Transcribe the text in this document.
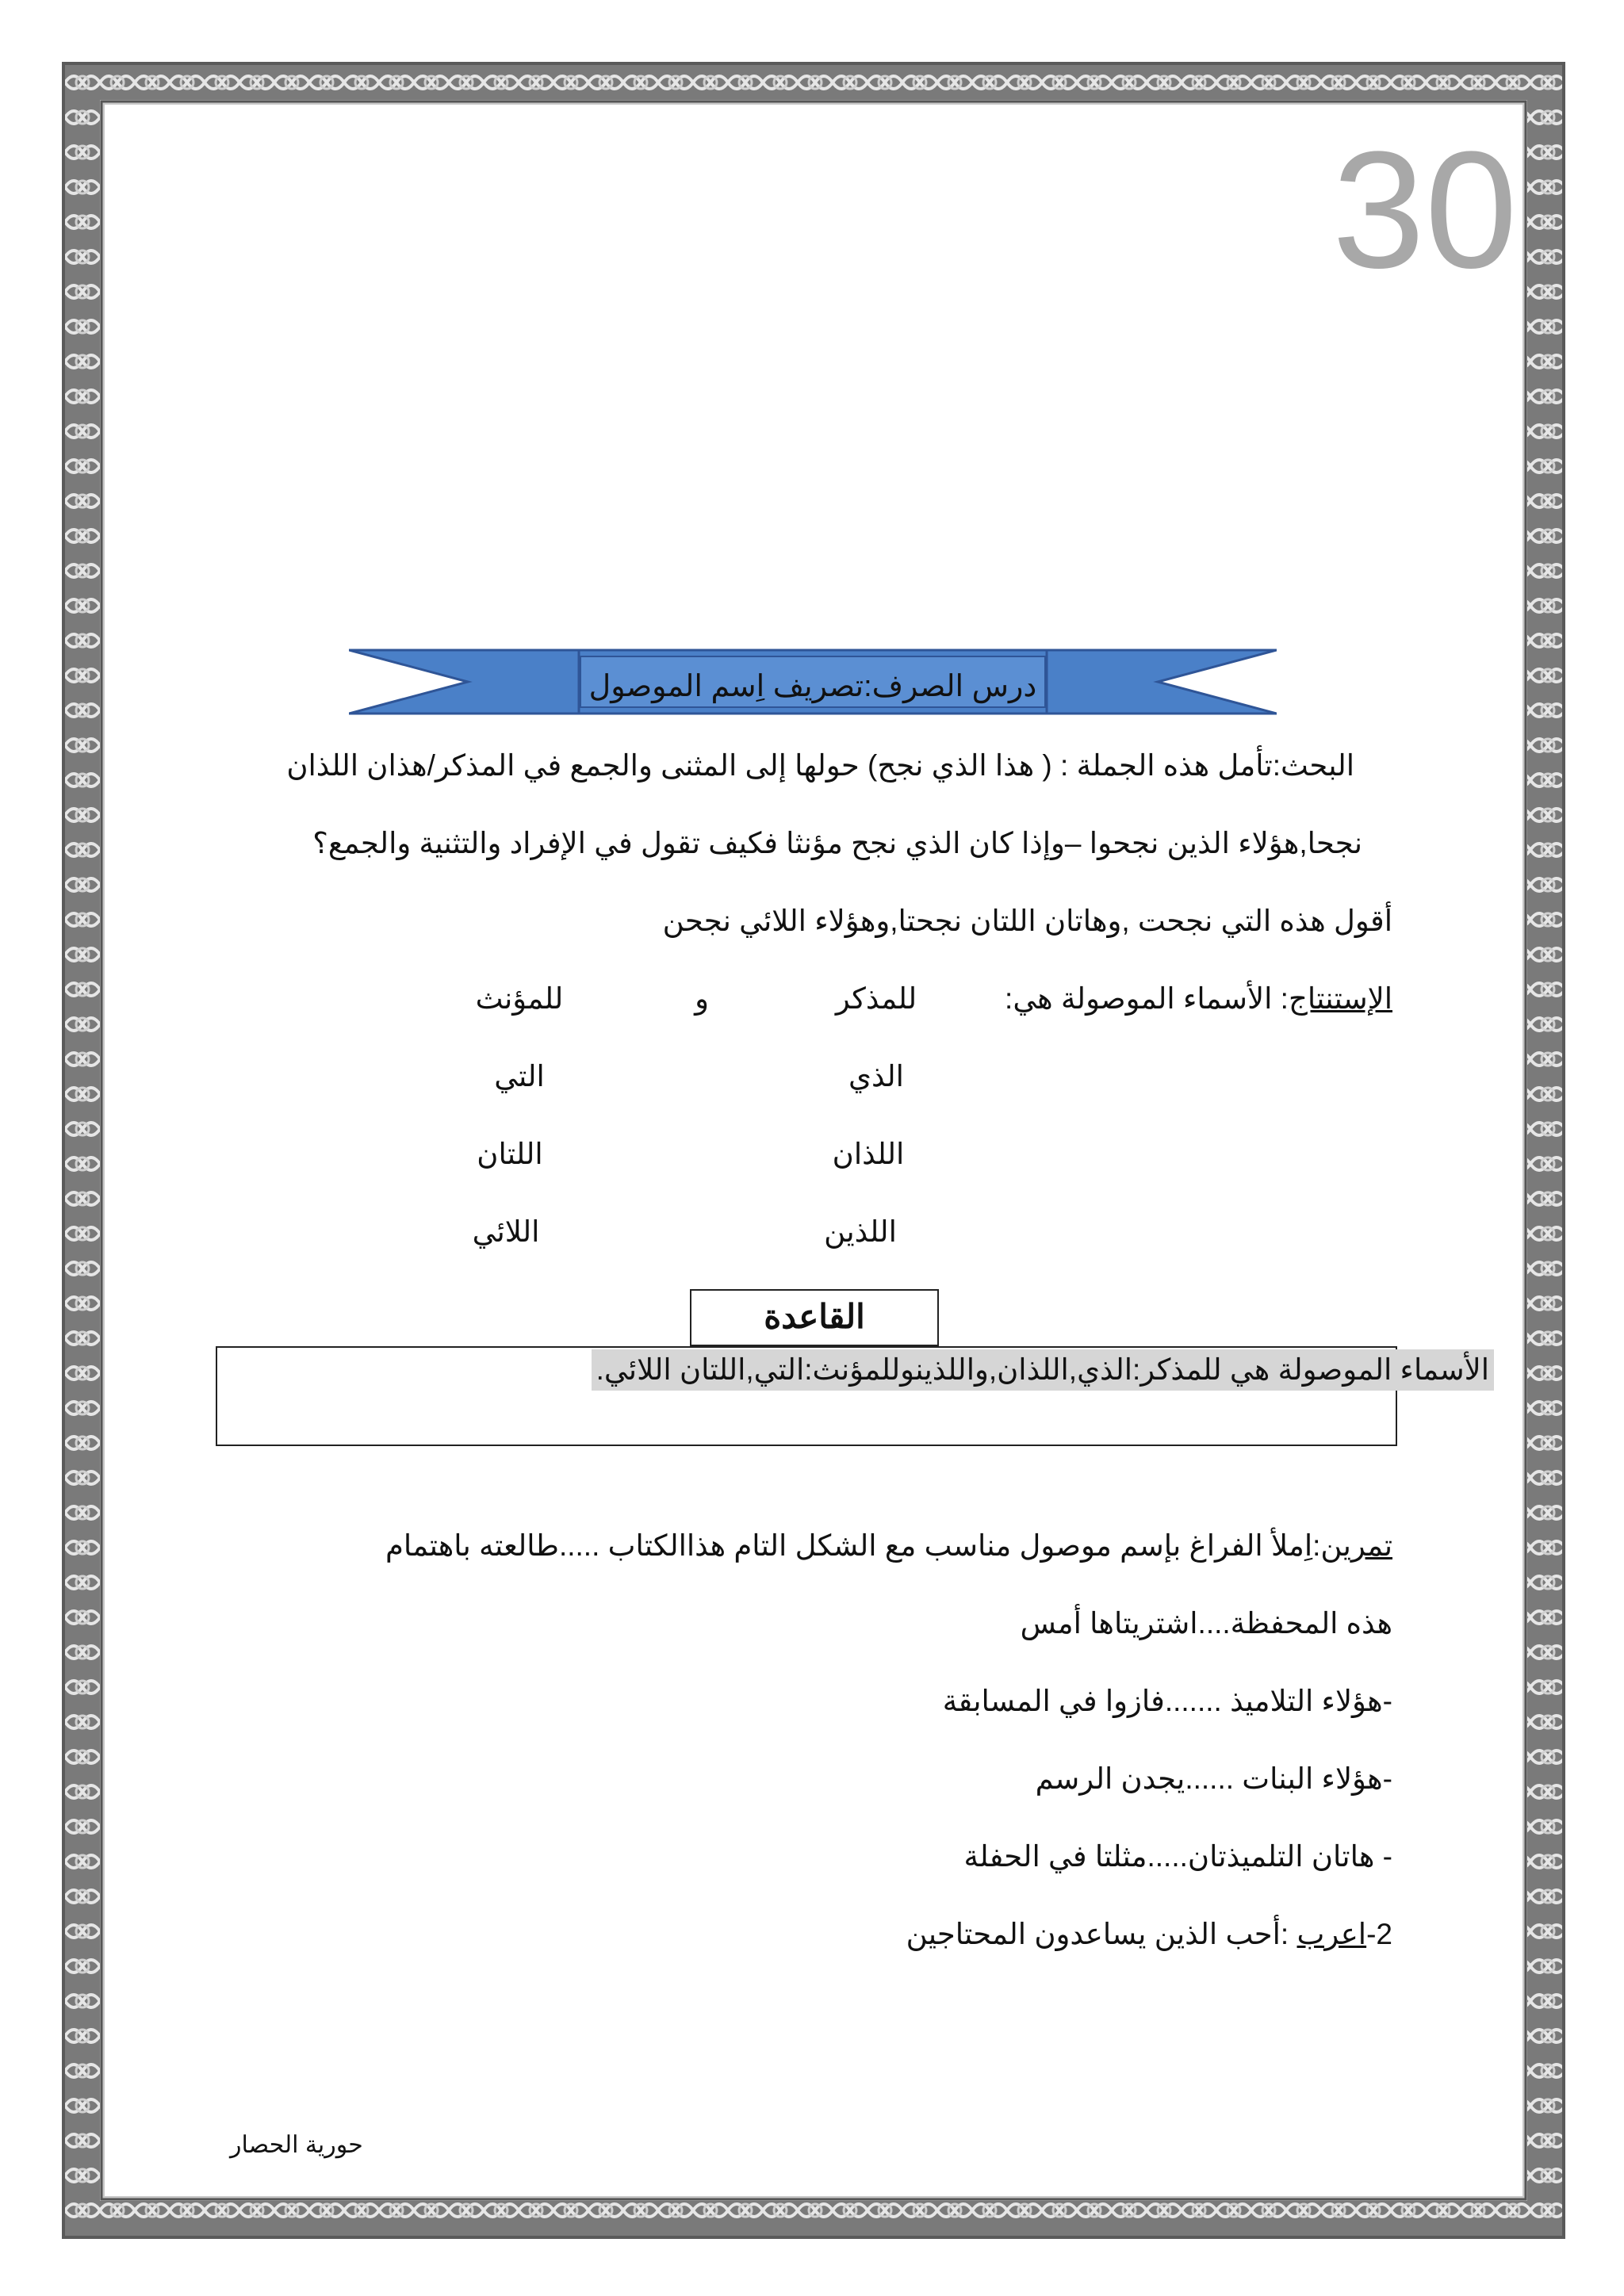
30
درس الصرف:تصريف اِسم الموصول
البحث:تأمل هذه الجملة : ( هذا الذي نجح) حولها إلى المثنى والجمع في المذكر/هذان اللذان
نجحا,هؤلاء الذين نجحوا –وإذا كان الذي نجح مؤنثا فكيف تقول في الإفراد والتثنية والجمع؟
أقول هذه التي نجحت ,وهاتان اللتان نجحتا,وهؤلاء اللائي نجحن
الإستنتاج: الأسماء الموصولة هي:
للمذكر
و
للمؤنث
الذي
اللذان
اللذين
التي
اللتان
اللائي
القاعدة
الأسماء الموصولة هي للمذكر:الذي,اللذان,واللذينوللمؤنث:التي,اللتان اللائي.
تمرين:اِملأ الفراغ بإسم موصول مناسب مع الشكل التام هذاالكتاب .....طالعته باهتمام
هذه المحفظة....اشتريتاها أمس
-هؤلاء التلاميذ .......فازوا في المسابقة
-هؤلاء البنات ......يجدن الرسم
- هاتان التلميذتان.....مثلتا في الحفلة
2-اعرب :أحب الذين يساعدون المحتاجين
حورية الحصار
